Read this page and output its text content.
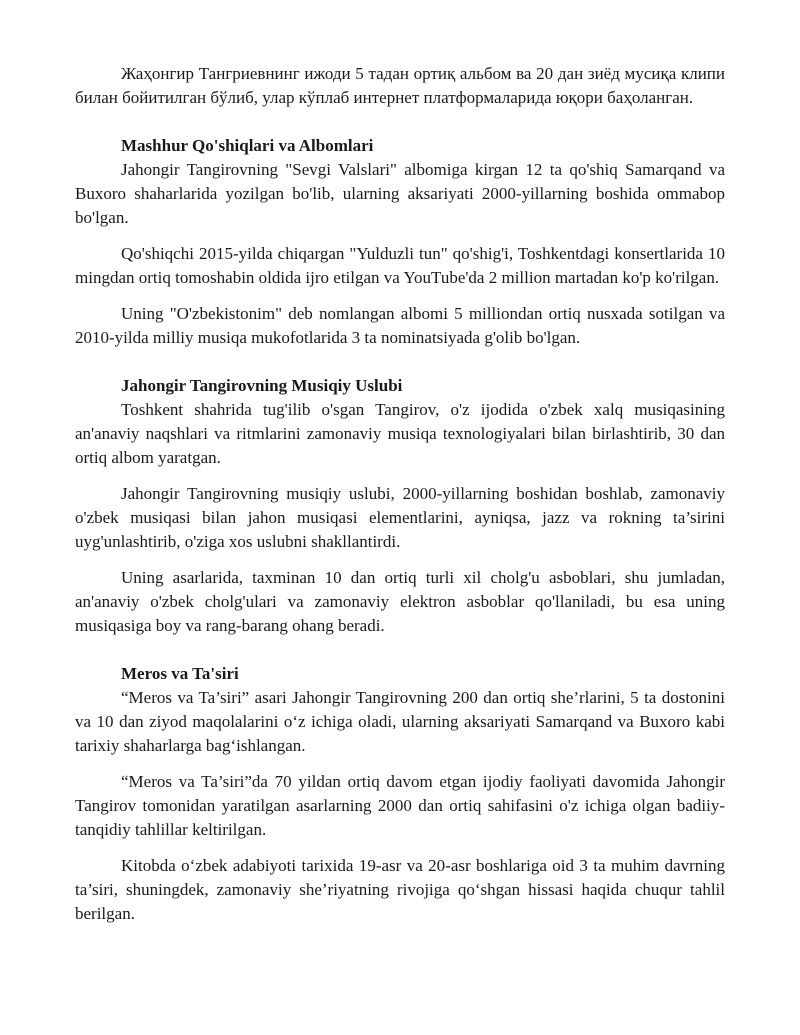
Жаҳонгир Тангриевнинг ижоди 5 тадан ортиқ альбом ва 20 дан зиёд мусиқа клипи билан бойитилган бўлиб, улар кўплаб интернет платформаларида юқори баҳоланган.

Mashhur Qo'shiqlari va Albomlari

Jahongir Tangirovning "Sevgi Valslari" albomiga kirgan 12 ta qo'shiq Samarqand va Buxoro shaharlarida yozilgan bo'lib, ularning aksariyati 2000-yillarning boshida ommabop bo'lgan.

Qo'shiqchi 2015-yilda chiqargan "Yulduzli tun" qo'shig'i, Toshkentdagi konsertlarida 10 mingdan ortiq tomoshabin oldida ijro etilgan va YouTube'da 2 million martadan ko'p ko'rilgan.

Uning "O'zbekistonim" deb nomlangan albomi 5 milliondan ortiq nusxada sotilgan va 2010-yilda milliy musiqa mukofotlarida 3 ta nominatsiyada g'olib bo'lgan.

Jahongir Tangirovning Musiqiy Uslubi

Toshkent shahrida tug'ilib o'sgan Tangirov, o'z ijodida o'zbek xalq musiqasining an'anaviy naqshlari va ritmlarini zamonaviy musiqa texnologiyalari bilan birlashtirib, 30 dan ortiq albom yaratgan.

Jahongir Tangirovning musiqiy uslubi, 2000-yillarning boshidan boshlab, zamonaviy o'zbek musiqasi bilan jahon musiqasi elementlarini, ayniqsa, jazz va rokning ta’sirini uyg'unlashtirib, o'ziga xos uslubni shakllantirdi.

Uning asarlarida, taxminan 10 dan ortiq turli xil cholg'u asboblari, shu jumladan, an'anaviy o'zbek cholg'ulari va zamonaviy elektron asboblar qo'llaniladi, bu esa uning musiqasiga boy va rang-barang ohang beradi.

Meros va Ta'siri

“Meros va Ta’siri” asari Jahongir Tangirovning 200 dan ortiq she’rlarini, 5 ta dostonini va 10 dan ziyod maqolalarini o‘z ichiga oladi, ularning aksariyati Samarqand va Buxoro kabi tarixiy shaharlarga bag‘ishlangan.

“Meros va Ta’siri”da 70 yildan ortiq davom etgan ijodiy faoliyati davomida Jahongir Tangirov tomonidan yaratilgan asarlarning 2000 dan ortiq sahifasini o'z ichiga olgan badiiy-tanqidiy tahlillar keltirilgan.

Kitobda o‘zbek adabiyoti tarixida 19-asr va 20-asr boshlariga oid 3 ta muhim davrning ta’siri, shuningdek, zamonaviy she’riyatning rivojiga qo‘shgan hissasi haqida chuqur tahlil berilgan.
